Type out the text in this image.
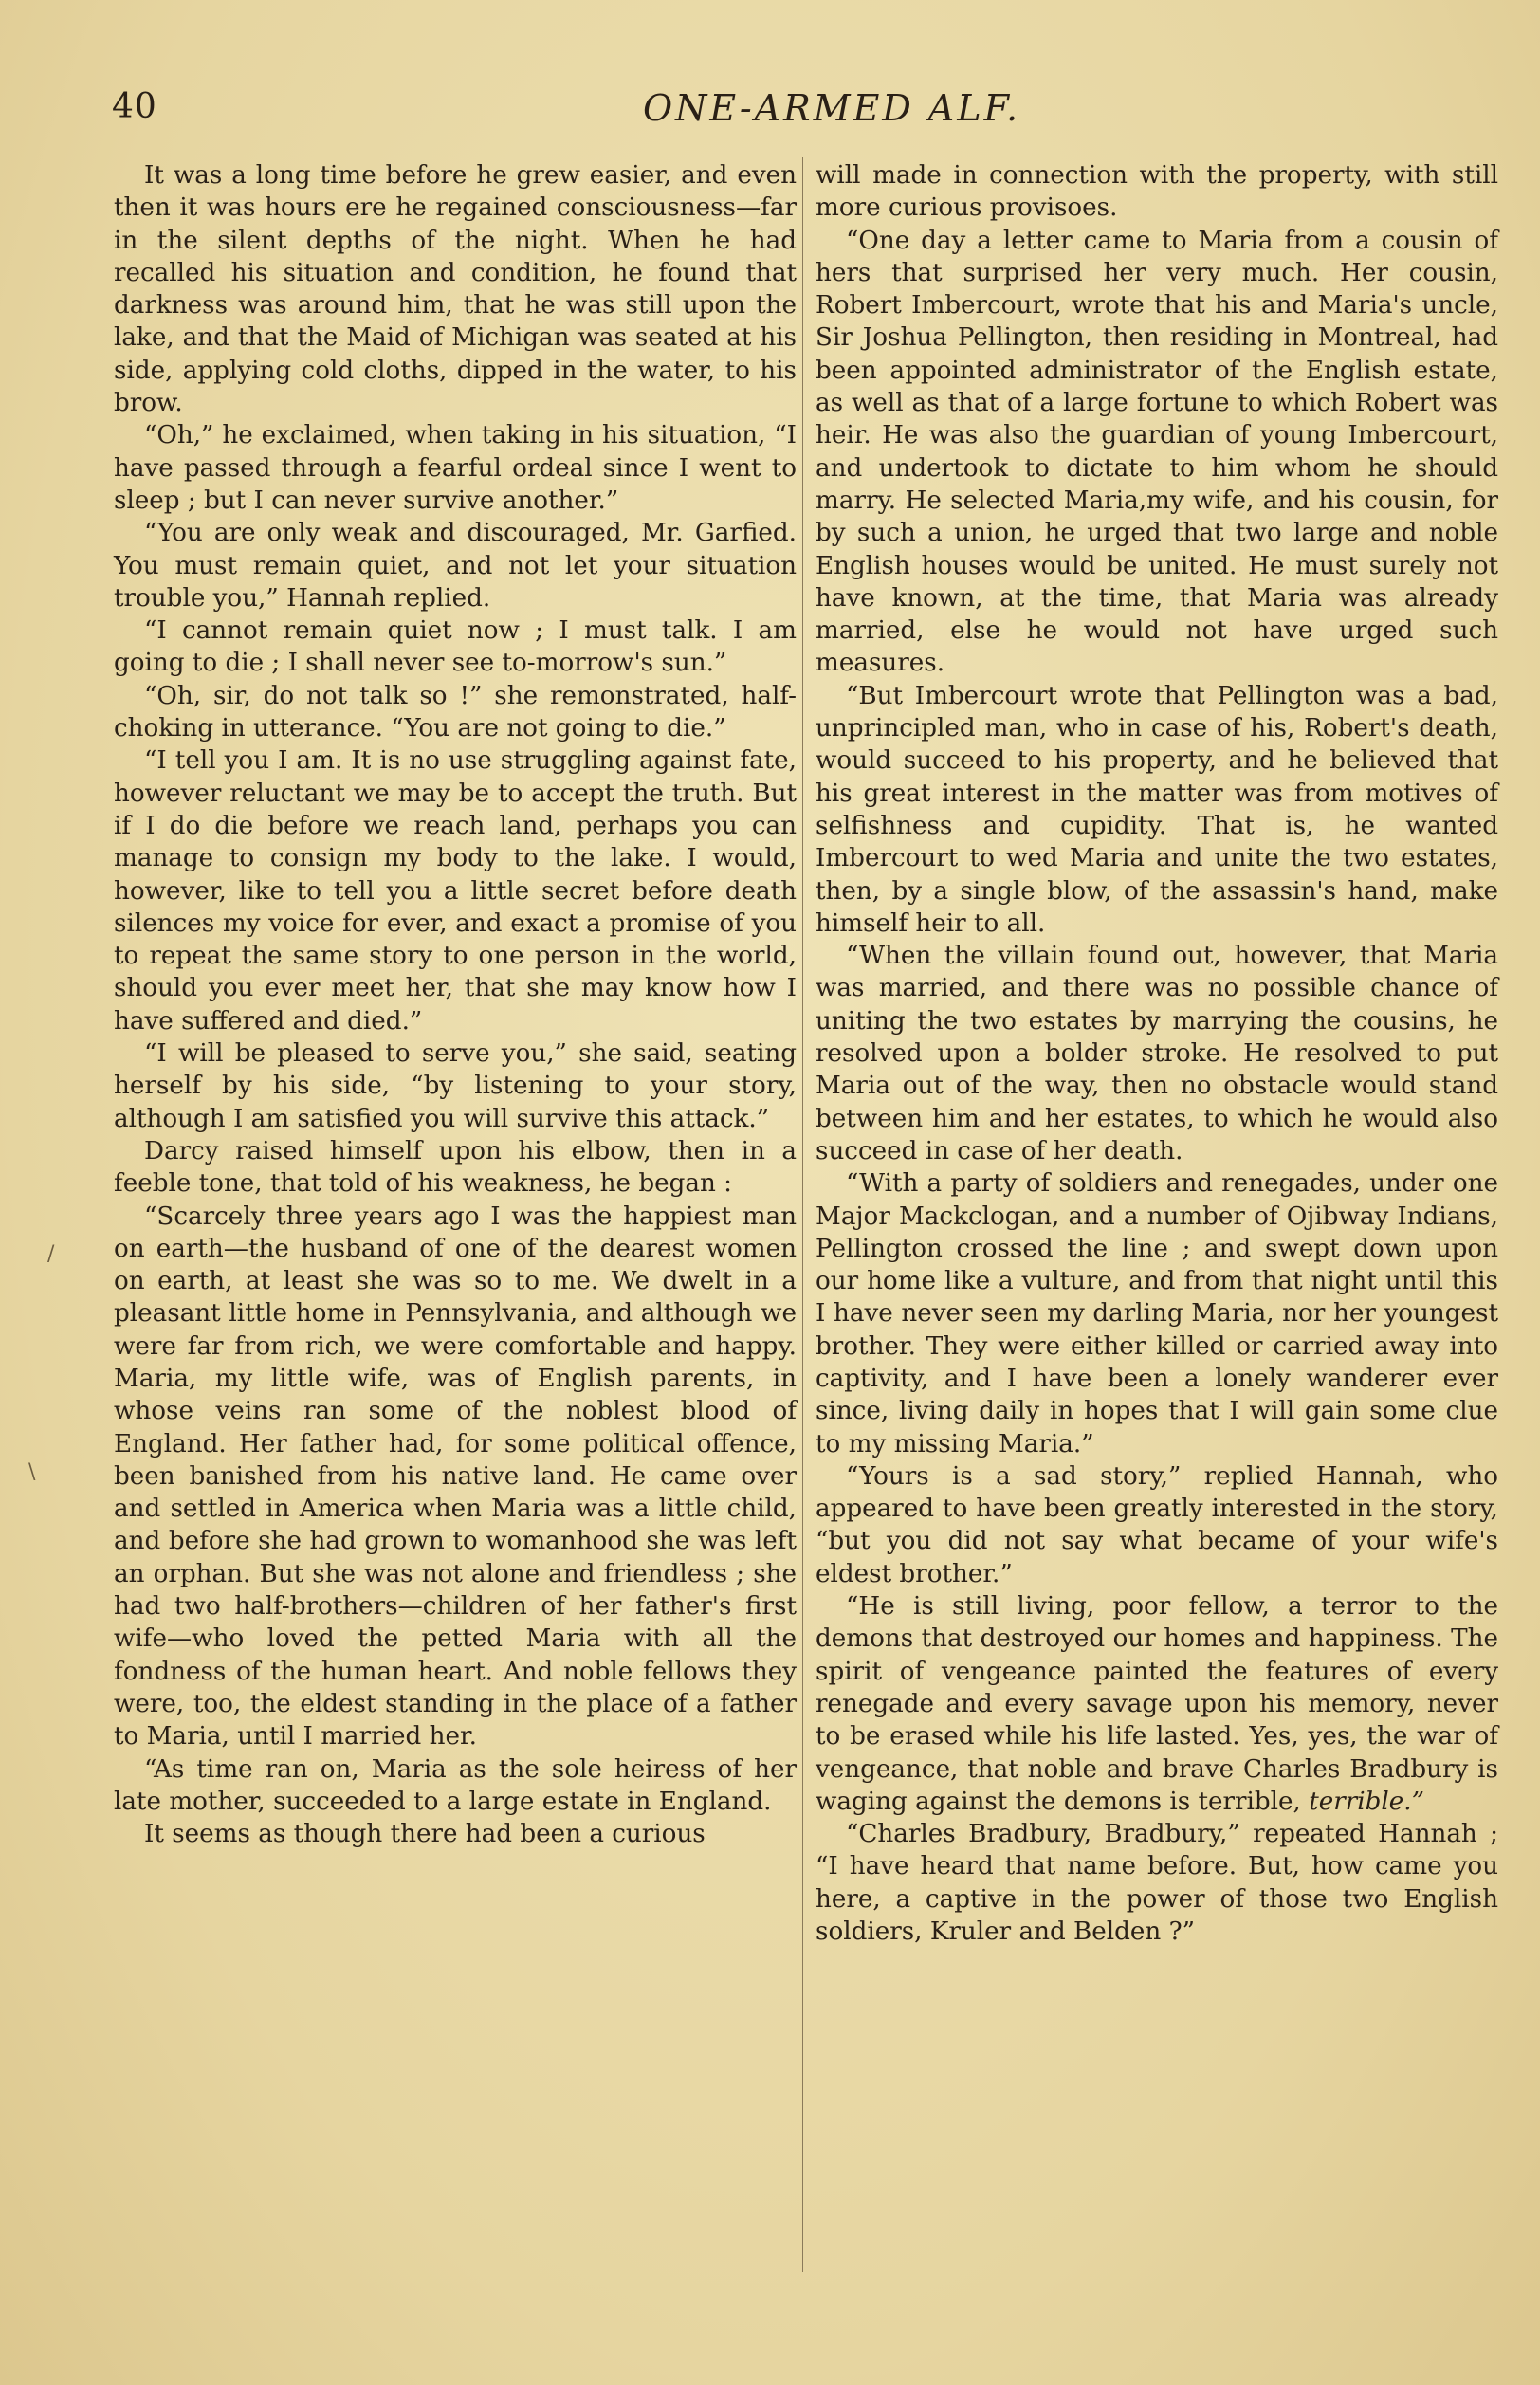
40	ONE-ARMED ALF.

It was a long time before he grew easier, and even then it was hours ere he regained consciousness—far in the silent depths of the night. When he had recalled his situation and condition, he found that darkness was around him, that he was still upon the lake, and that the Maid of Michigan was seated at his side, applying cold cloths, dipped in the water, to his brow.

“Oh,” he exclaimed, when taking in his situation, “I have passed through a fearful ordeal since I went to sleep ; but I can never survive another.”

“You are only weak and discouraged, Mr. Garfied. You must remain quiet, and not let your situation trouble you,” Hannah replied.

“I cannot remain quiet now ; I must talk. I am going to die ; I shall never see to-morrow's sun.”

“Oh, sir, do not talk so !” she remonstrated, half-choking in utterance. “You are not going to die.”

“I tell you I am. It is no use struggling against fate, however reluctant we may be to accept the truth. But if I do die before we reach land, perhaps you can manage to consign my body to the lake. I would, however, like to tell you a little secret before death silences my voice for ever, and exact a promise of you to repeat the same story to one person in the world, should you ever meet her, that she may know how I have suffered and died.”

“I will be pleased to serve you,” she said, seating herself by his side, “by listening to your story, although I am satisfied you will survive this attack.”

Darcy raised himself upon his elbow, then in a feeble tone, that told of his weakness, he began :

“Scarcely three years ago I was the happiest man on earth—the husband of one of the dearest women on earth, at least she was so to me. We dwelt in a pleasant little home in Pennsylvania, and although we were far from rich, we were comfortable and happy. Maria, my little wife, was of English parents, in whose veins ran some of the noblest blood of England. Her father had, for some political offence, been banished from his native land. He came over and settled in America when Maria was a little child, and before she had grown to womanhood she was left an orphan. But she was not alone and friendless ; she had two half-brothers—children of her father's first wife—who loved the petted Maria with all the fondness of the human heart. And noble fellows they were, too, the eldest standing in the place of a father to Maria, until I married her.

“As time ran on, Maria as the sole heiress of her late mother, succeeded to a large estate in England.

It seems as though there had been a curious

will made in connection with the property, with still more curious provisoes.

“One day a letter came to Maria from a cousin of hers that surprised her very much. Her cousin, Robert Imbercourt, wrote that his and Maria's uncle, Sir Joshua Pellington, then residing in Montreal, had been appointed administrator of the English estate, as well as that of a large fortune to which Robert was heir. He was also the guardian of young Imbercourt, and undertook to dictate to him whom he should marry. He selected Maria,my wife, and his cousin, for by such a union, he urged that two large and noble English houses would be united. He must surely not have known, at the time, that Maria was already married, else he would not have urged such measures.

“But Imbercourt wrote that Pellington was a bad, unprincipled man, who in case of his, Robert's death, would succeed to his property, and he believed that his great interest in the matter was from motives of selfishness and cupidity. That is, he wanted Imbercourt to wed Maria and unite the two estates, then, by a single blow, of the assassin's hand, make himself heir to all.

“When the villain found out, however, that Maria was married, and there was no possible chance of uniting the two estates by marrying the cousins, he resolved upon a bolder stroke. He resolved to put Maria out of the way, then no obstacle would stand between him and her estates, to which he would also succeed in case of her death.

“With a party of soldiers and renegades, under one Major Mackclogan, and a number of Ojibway Indians, Pellington crossed the line ; and swept down upon our home like a vulture, and from that night until this I have never seen my darling Maria, nor her youngest brother. They were either killed or carried away into captivity, and I have been a lonely wanderer ever since, living daily in hopes that I will gain some clue to my missing Maria.”

“Yours is a sad story,” replied Hannah, who appeared to have been greatly interested in the story, “but you did not say what became of your wife's eldest brother.”

“He is still living, poor fellow, a terror to the demons that destroyed our homes and happiness. The spirit of vengeance painted the features of every renegade and every savage upon his memory, never to be erased while his life lasted. Yes, yes, the war of vengeance, that noble and brave Charles Bradbury is waging against the demons is terrible, terrible.”

“Charles Bradbury, Bradbury,” repeated Hannah ; “I have heard that name before. But, how came you here, a captive in the power of those two English soldiers, Kruler and Belden ?”

/
\
